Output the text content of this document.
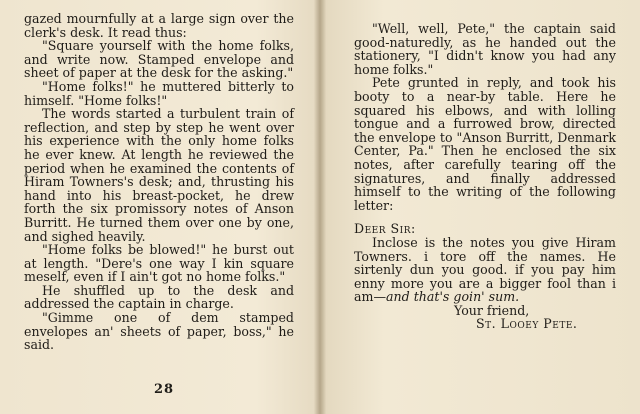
gazed mournfully at a large sign over the clerk's desk. It read thus:

"Square yourself with the home folks, and write now. Stamped envelope and sheet of paper at the desk for the asking."

"Home folks!" he muttered bitterly to himself. "Home folks!"

The words started a turbulent train of reflection, and step by step he went over his experience with the only home folks he ever knew. At length he reviewed the period when he examined the contents of Hiram Towners's desk; and, thrusting his hand into his breast-pocket, he drew forth the six promissory notes of Anson Burritt. He turned them over one by one, and sighed heavily.

"Home folks be blowed!" he burst out at length. "Dere's one way I kin square meself, even if I ain't got no home folks."

He shuffled up to the desk and addressed the captain in charge.

"Gimme one of dem stamped envelopes an' sheets of paper, boss," he said.

28

"Well, well, Pete," the captain said good-naturedly, as he handed out the stationery, "I didn't know you had any home folks."

Pete grunted in reply, and took his booty to a near-by table. Here he squared his elbows, and with lolling tongue and a furrowed brow, directed the envelope to "Anson Burritt, Denmark Center, Pa." Then he enclosed the six notes, after carefully tearing off the signatures, and finally addressed himself to the writing of the following letter:

Deer Sir:

Inclose is the notes you give Hiram Towners. i tore off the names. He sirtenly dun you good. if you pay him enny more you are a bigger fool than i am—and that's goin' sum.

Your friend,

St. Looey Pete.
